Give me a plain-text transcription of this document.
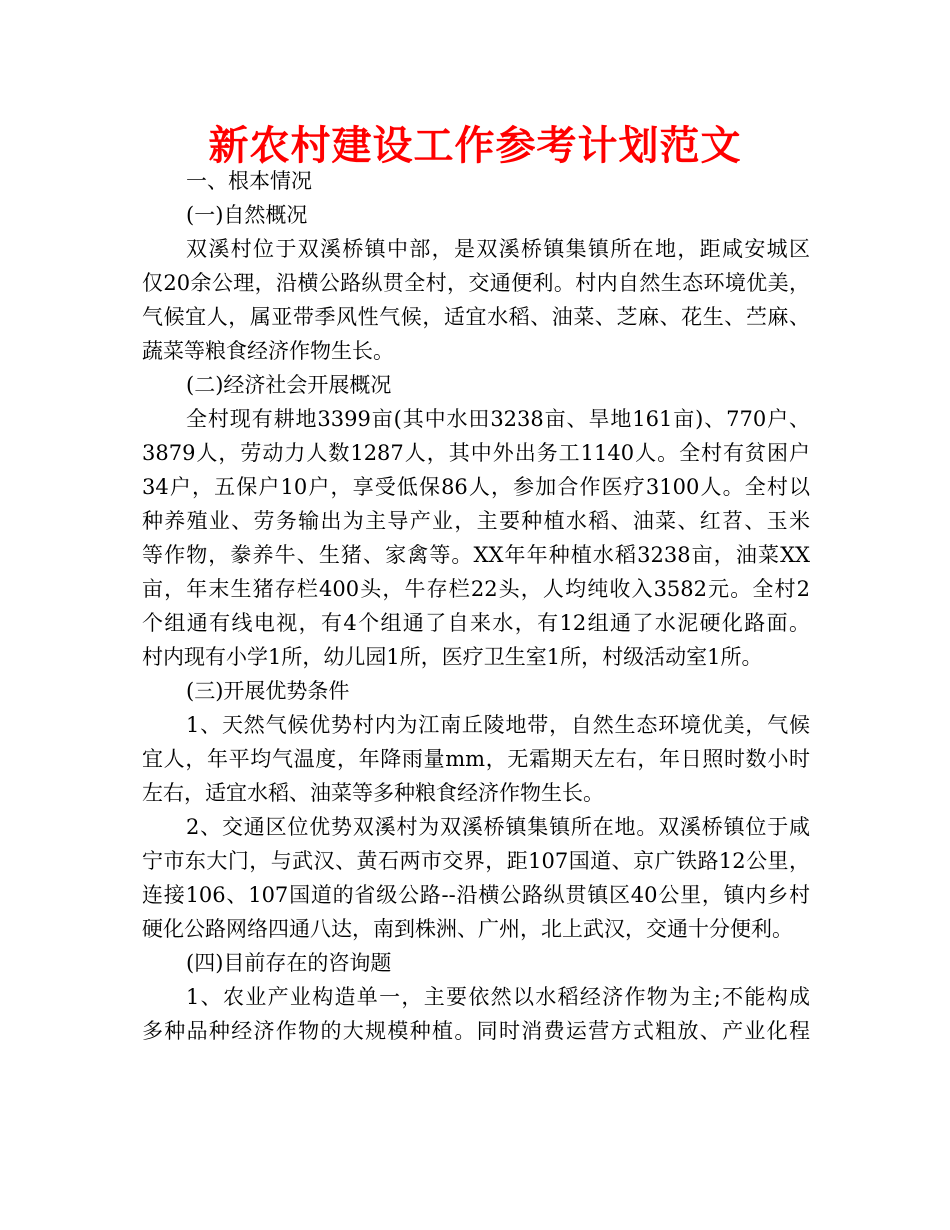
新农村建设工作参考计划范文
一、根本情况
(一)自然概况
双溪村位于双溪桥镇中部，是双溪桥镇集镇所在地，距咸安城区
仅20余公理，沿横公路纵贯全村，交通便利。村内自然生态环境优美，
气候宜人，属亚带季风性气候，适宜水稻、油菜、芝麻、花生、苎麻、
蔬菜等粮食经济作物生长。
(二)经济社会开展概况
全村现有耕地3399亩(其中水田3238亩、旱地161亩)、770户、
3879人，劳动力人数1287人，其中外出务工1140人。全村有贫困户
34户，五保户10户，享受低保86人，参加合作医疗3100人。全村以
种养殖业、劳务输出为主导产业，主要种植水稻、油菜、红苕、玉米
等作物，豢养牛、生猪、家禽等。XX年年种植水稻3238亩，油菜XX
亩，年末生猪存栏400头，牛存栏22头，人均纯收入3582元。全村2
个组通有线电视，有4个组通了自来水，有12组通了水泥硬化路面。
村内现有小学1所，幼儿园1所，医疗卫生室1所，村级活动室1所。
(三)开展优势条件
1、天然气候优势村内为江南丘陵地带，自然生态环境优美，气候
宜人，年平均气温度，年降雨量mm，无霜期天左右，年日照时数小时
左右，适宜水稻、油菜等多种粮食经济作物生长。
2、交通区位优势双溪村为双溪桥镇集镇所在地。双溪桥镇位于咸
宁市东大门，与武汉、黄石两市交界，距107国道、京广铁路12公里，
连接106、107国道的省级公路--沿横公路纵贯镇区40公里，镇内乡村
硬化公路网络四通八达，南到株洲、广州，北上武汉，交通十分便利。
(四)目前存在的咨询题
1、农业产业构造单一，主要依然以水稻经济作物为主;不能构成
多种品种经济作物的大规模种植。同时消费运营方式粗放、产业化程
